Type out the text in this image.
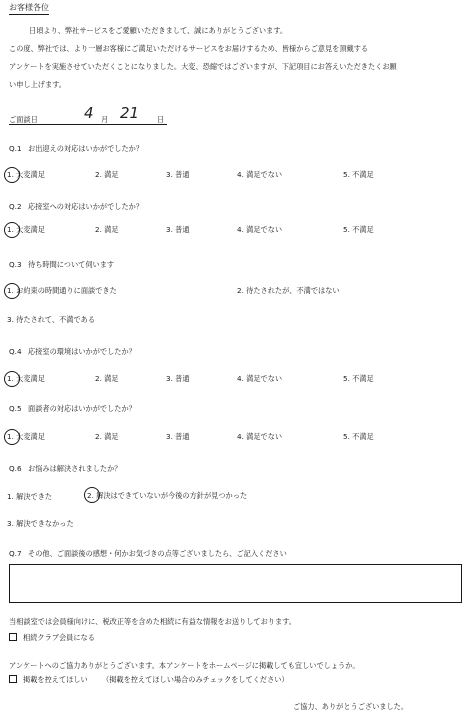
お客様各位
日頃より、弊社サービスをご愛顧いただきまして、誠にありがとうございます。
この度、弊社では、より一層お客様にご満足いただけるサービスをお届けするため、皆様からご意見を頂戴する
アンケートを実施させていただくことになりました。大変、恐縮ではございますが、下記項目にお答えいただきたくお願
い申し上げます。
ご面談日	4 月 21 日
Q.1 お出迎えの対応はいかがでしたか？
1. 大変満足	2. 満足	3. 普通	4. 満足でない	5. 不満足
Q.2 応接室への対応はいかがでしたか？
1. 大変満足	2. 満足	3. 普通	4. 満足でない	5. 不満足
Q.3 待ち時間について伺います
1. お約束の時間通りに面談できた	2. 待たされたが、不満ではない
3. 待たされて、不満である
Q.4 応接室の環境はいかがでしたか？
1. 大変満足	2. 満足	3. 普通	4. 満足でない	5. 不満足
Q.5 面談者の対応はいかがでしたか？
1. 大変満足	2. 満足	3. 普通	4. 満足でない	5. 不満足
Q.6 お悩みは解決されましたか？
1. 解決できた	2. 解決はできていないが今後の方針が見つかった
3. 解決できなかった
Q.7 その他、ご面談後の感想・何かお気づきの点等ございましたら、ご記入ください
当相談室では会員様向けに、税改正等を含めた相続に有益な情報をお送りしております。
相続クラブ会員になる
アンケートへのご協力ありがとうございます。本アンケートをホームページに掲載しても宜しいでしょうか。
掲載を控えてほしい （掲載を控えてほしい場合のみチェックをしてください）
ご協力、ありがとうございました。
